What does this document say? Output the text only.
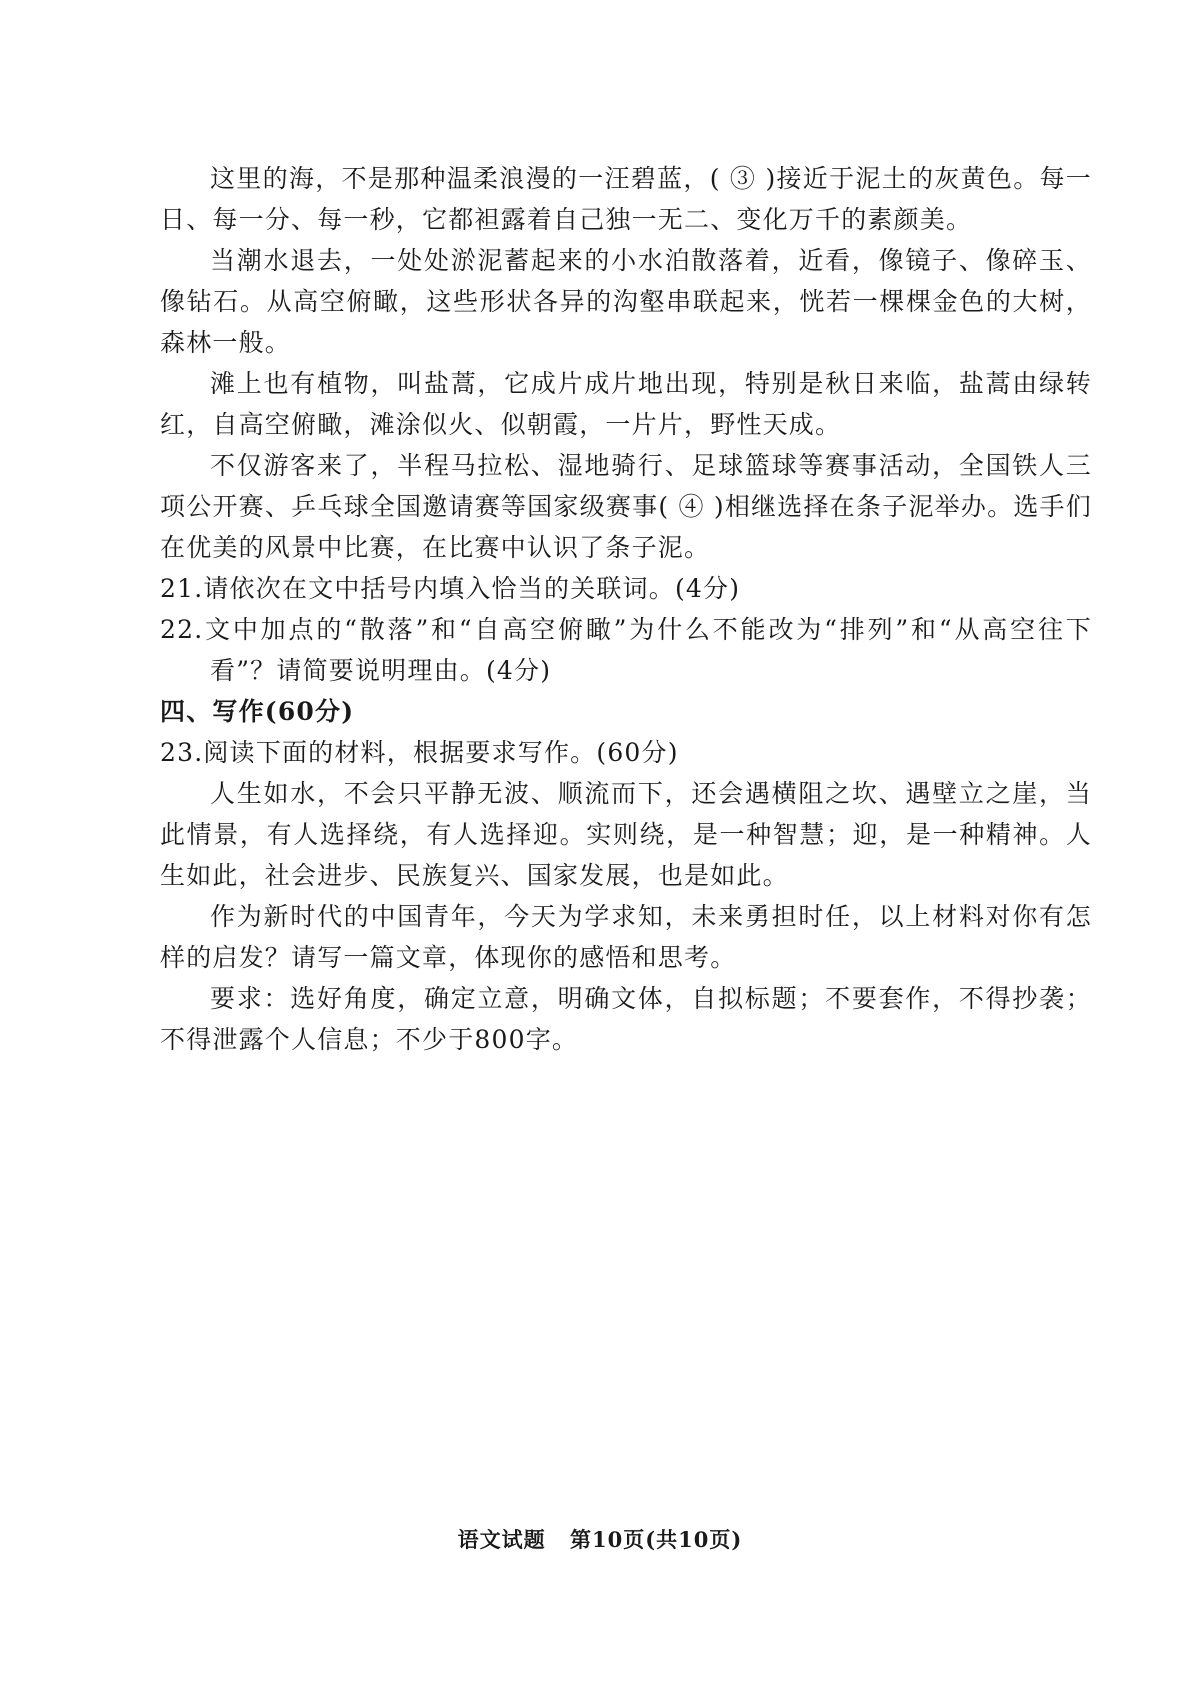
这里的海，不是那种温柔浪漫的一汪碧蓝，( ③ )接近于泥土的灰黄色。每一日、每一分、每一秒，它都袒露着自己独一无二、变化万千的素颜美。

当潮水退去，一处处淤泥蓄起来的小水泊散落着，近看，像镜子、像碎玉、像钻石。从高空俯瞰，这些形状各异的沟壑串联起来，恍若一棵棵金色的大树，森林一般。

滩上也有植物，叫盐蒿，它成片成片地出现，特别是秋日来临，盐蒿由绿转红，自高空俯瞰，滩涂似火、似朝霞，一片片，野性天成。

不仅游客来了，半程马拉松、湿地骑行、足球篮球等赛事活动，全国铁人三项公开赛、乒乓球全国邀请赛等国家级赛事( ④ )相继选择在条子泥举办。选手们在优美的风景中比赛，在比赛中认识了条子泥。

21.请依次在文中括号内填入恰当的关联词。(4分)

22.文中加点的“散落”和“自高空俯瞰”为什么不能改为“排列”和“从高空往下看”？请简要说明理由。(4分)

四、写作(60分)

23.阅读下面的材料，根据要求写作。(60分)

人生如水，不会只平静无波、顺流而下，还会遇横阻之坎、遇壁立之崖，当此情景，有人选择绕，有人选择迎。实则绕，是一种智慧；迎，是一种精神。人生如此，社会进步、民族复兴、国家发展，也是如此。

作为新时代的中国青年，今天为学求知，未来勇担时任，以上材料对你有怎样的启发？请写一篇文章，体现你的感悟和思考。

要求：选好角度，确定立意，明确文体，自拟标题；不要套作，不得抄袭；不得泄露个人信息；不少于800字。

语文试题 第10页(共10页)
